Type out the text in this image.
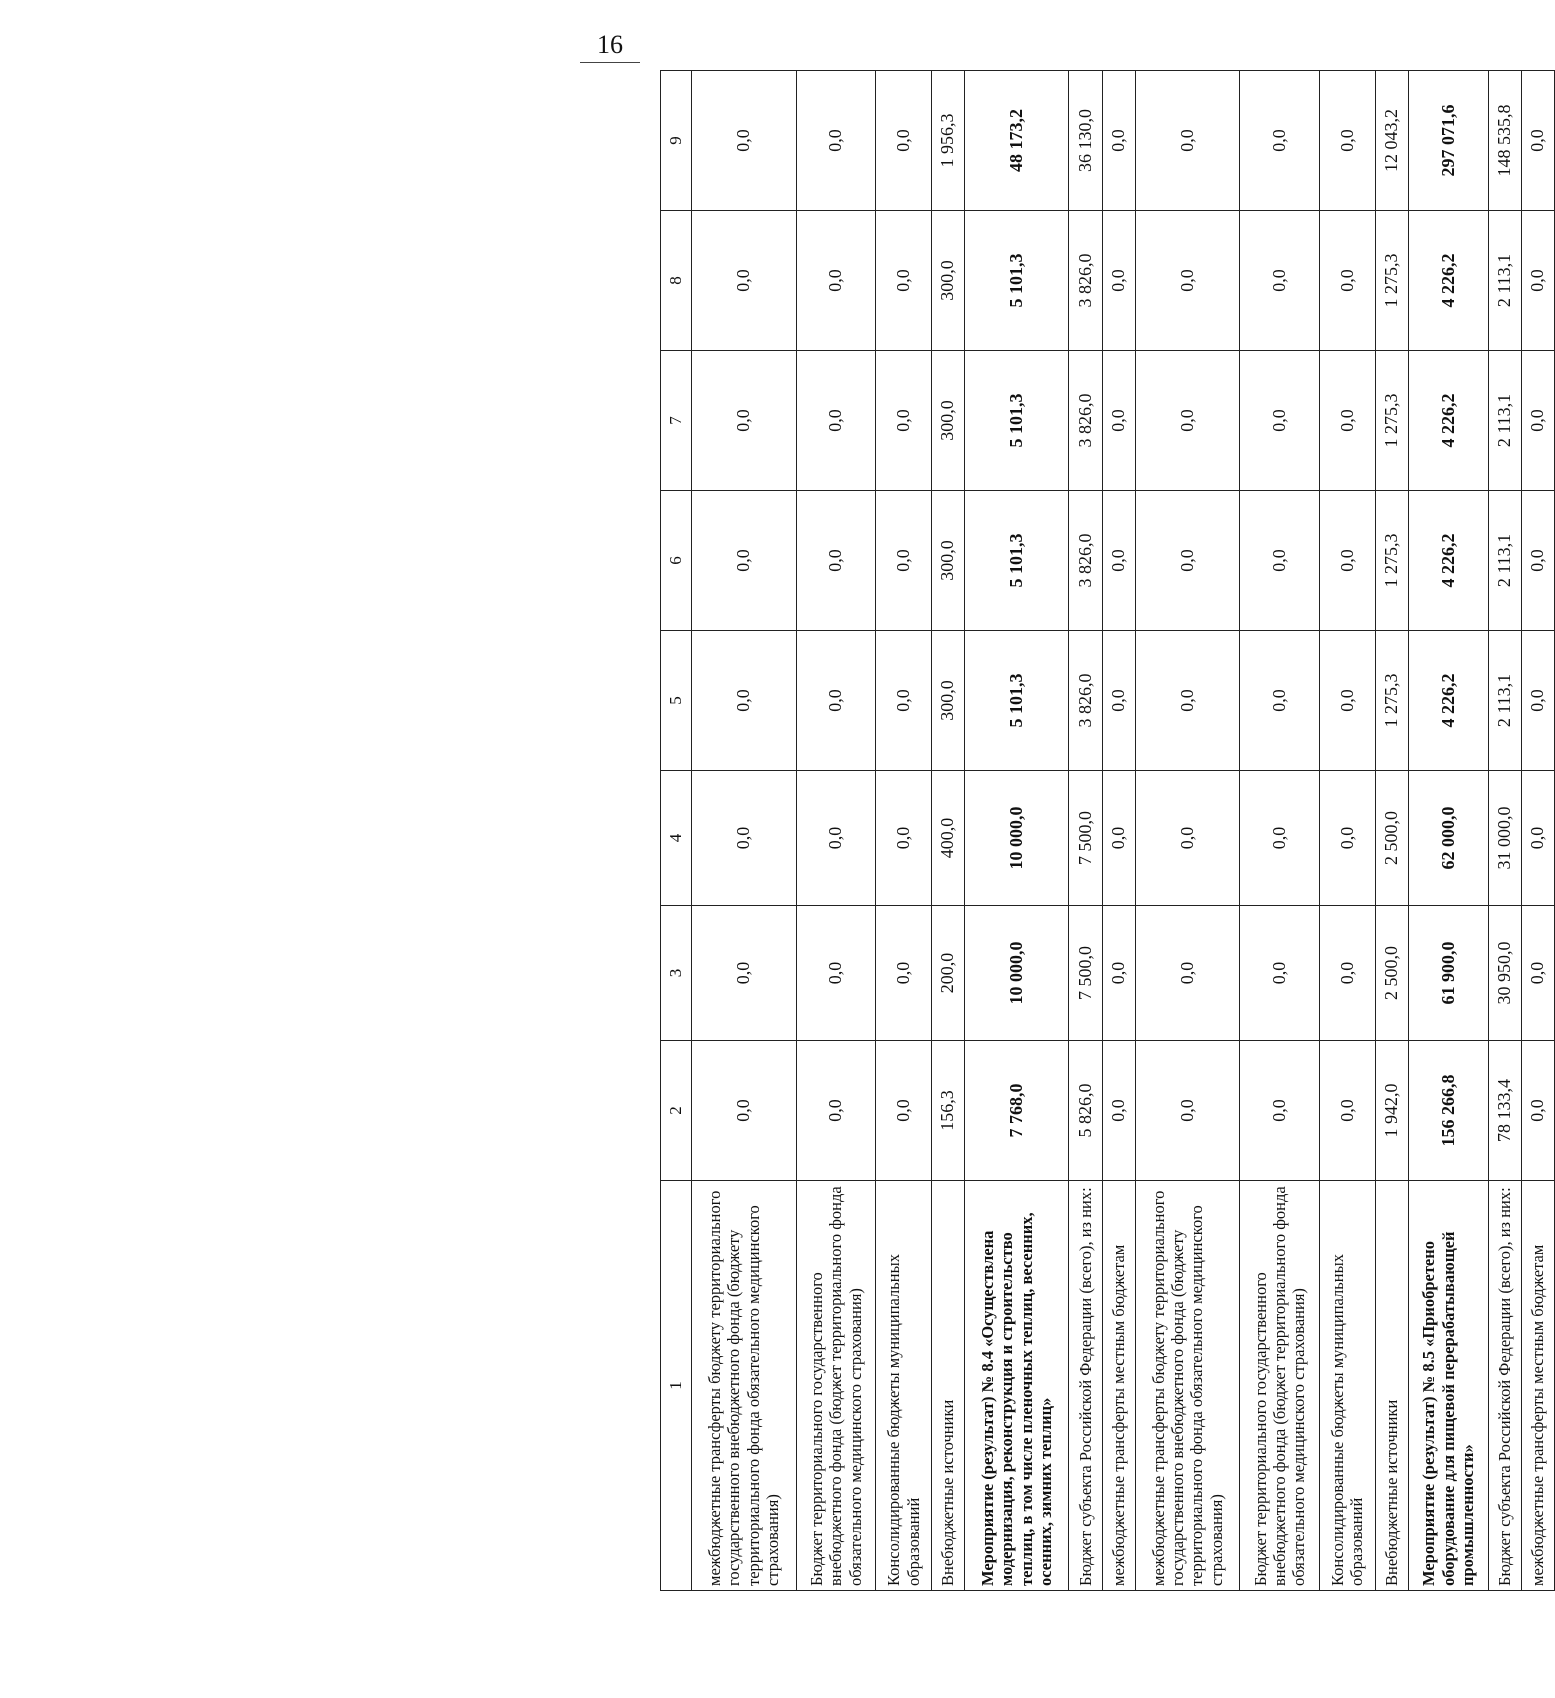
16
1	2	3	4	5	6	7	8	9
межбюджетные трансферты бюджету территориального государственного внебюджетного фонда (бюджету территориального фонда обязательного медицинского страхования)	0,0	0,0	0,0	0,0	0,0	0,0	0,0	0,0
Бюджет территориального государственного внебюджетного фонда (бюджет территориального фонда обязательного медицинского страхования)	0,0	0,0	0,0	0,0	0,0	0,0	0,0	0,0
Консолидированные бюджеты муниципальных образований	0,0	0,0	0,0	0,0	0,0	0,0	0,0	0,0
Внебюджетные источники	156,3	200,0	400,0	300,0	300,0	300,0	300,0	1 956,3
Мероприятие (результат) № 8.4 «Осуществлена модернизация, реконструкция и строительство теплиц, в том числе пленочных теплиц, весенних, осенних, зимних теплиц»	7 768,0	10 000,0	10 000,0	5 101,3	5 101,3	5 101,3	5 101,3	48 173,2
Бюджет субъекта Российской Федерации (всего), из них:	5 826,0	7 500,0	7 500,0	3 826,0	3 826,0	3 826,0	3 826,0	36 130,0
межбюджетные трансферты местным бюджетам	0,0	0,0	0,0	0,0	0,0	0,0	0,0	0,0
межбюджетные трансферты бюджету территориального государственного внебюджетного фонда (бюджету территориального фонда обязательного медицинского страхования)	0,0	0,0	0,0	0,0	0,0	0,0	0,0	0,0
Бюджет территориального государственного внебюджетного фонда (бюджет территориального фонда обязательного медицинского страхования)	0,0	0,0	0,0	0,0	0,0	0,0	0,0	0,0
Консолидированные бюджеты муниципальных образований	0,0	0,0	0,0	0,0	0,0	0,0	0,0	0,0
Внебюджетные источники	1 942,0	2 500,0	2 500,0	1 275,3	1 275,3	1 275,3	1 275,3	12 043,2
Мероприятие (результат) № 8.5 «Приобретено оборудование для пищевой перерабатывающей промышленности»	156 266,8	61 900,0	62 000,0	4 226,2	4 226,2	4 226,2	4 226,2	297 071,6
Бюджет субъекта Российской Федерации (всего), из них:	78 133,4	30 950,0	31 000,0	2 113,1	2 113,1	2 113,1	2 113,1	148 535,8
межбюджетные трансферты местным бюджетам	0,0	0,0	0,0	0,0	0,0	0,0	0,0	0,0
